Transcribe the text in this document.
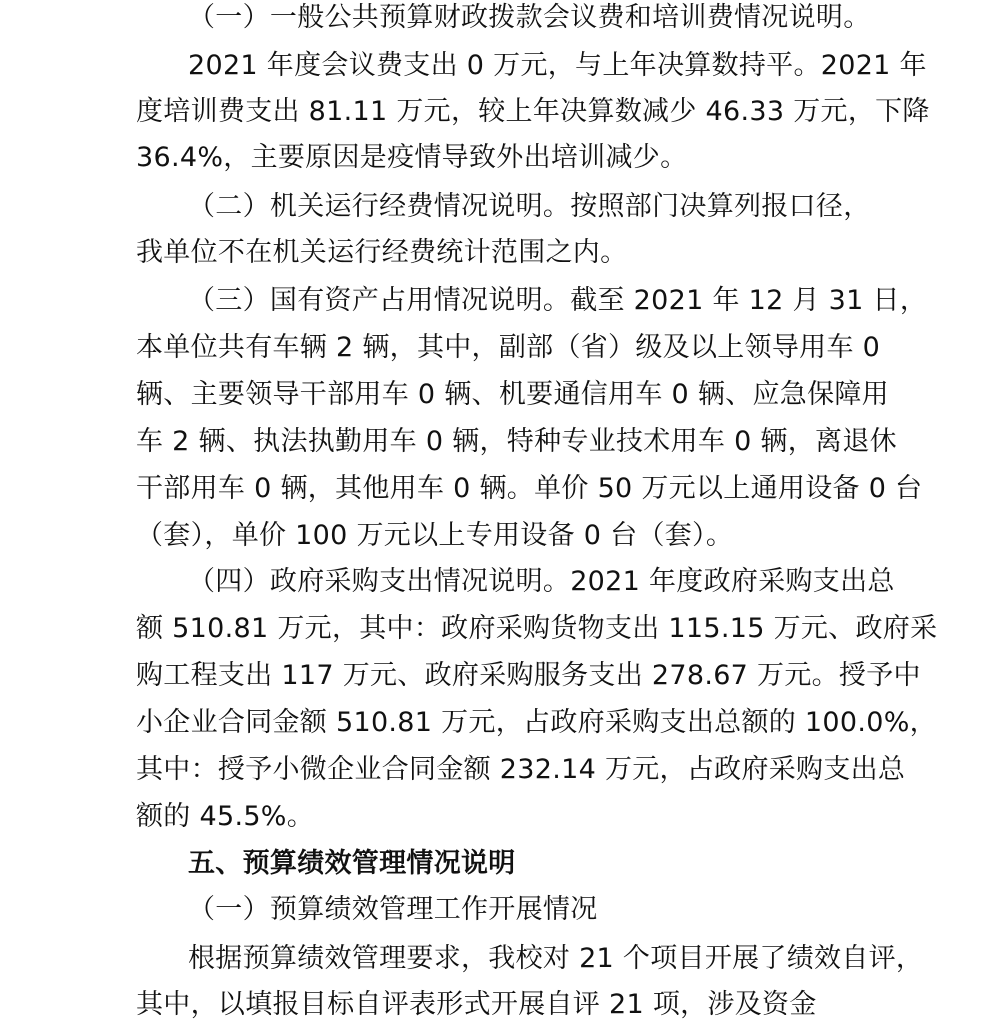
（一）一般公共预算财政拨款会议费和培训费情况说明。
2021 年度会议费支出 0 万元，与上年决算数持平。2021 年
度培训费支出 81.11 万元，较上年决算数减少 46.33 万元，下降
36.4%，主要原因是疫情导致外出培训减少。
（二）机关运行经费情况说明。按照部门决算列报口径，
我单位不在机关运行经费统计范围之内。
（三）国有资产占用情况说明。截至 2021 年 12 月 31 日，
本单位共有车辆 2 辆，其中，副部（省）级及以上领导用车 0
辆、主要领导干部用车 0 辆、机要通信用车 0 辆、应急保障用
车 2 辆、执法执勤用车 0 辆，特种专业技术用车 0 辆，离退休
干部用车 0 辆，其他用车 0 辆。单价 50 万元以上通用设备 0 台
（套），单价 100 万元以上专用设备 0 台（套）。
（四）政府采购支出情况说明。2021 年度政府采购支出总
额 510.81 万元，其中：政府采购货物支出 115.15 万元、政府采
购工程支出 117 万元、政府采购服务支出 278.67 万元。授予中
小企业合同金额 510.81 万元，占政府采购支出总额的 100.0%，
其中：授予小微企业合同金额 232.14 万元，占政府采购支出总
额的 45.5%。
五、预算绩效管理情况说明
（一）预算绩效管理工作开展情况
根据预算绩效管理要求，我校对 21 个项目开展了绩效自评，
其中，以填报目标自评表形式开展自评 21 项，涉及资金
